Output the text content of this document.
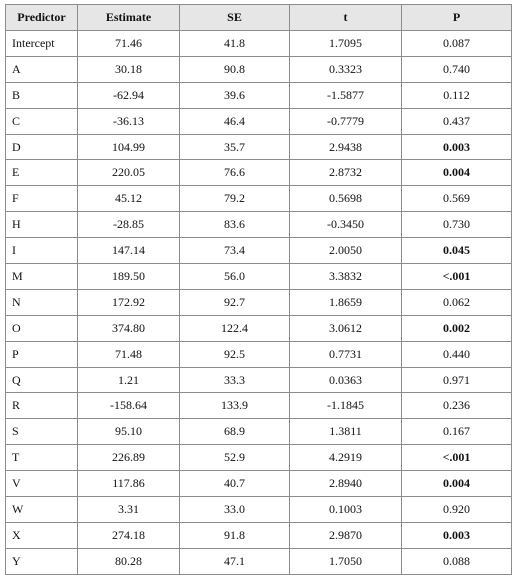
Predictor	Estimate	SE	t	P
Intercept	71.46	41.8	1.7095	0.087
A	30.18	90.8	0.3323	0.740
B	-62.94	39.6	-1.5877	0.112
C	-36.13	46.4	-0.7779	0.437
D	104.99	35.7	2.9438	0.003
E	220.05	76.6	2.8732	0.004
F	45.12	79.2	0.5698	0.569
H	-28.85	83.6	-0.3450	0.730
I	147.14	73.4	2.0050	0.045
M	189.50	56.0	3.3832	<.001
N	172.92	92.7	1.8659	0.062
O	374.80	122.4	3.0612	0.002
P	71.48	92.5	0.7731	0.440
Q	1.21	33.3	0.0363	0.971
R	-158.64	133.9	-1.1845	0.236
S	95.10	68.9	1.3811	0.167
T	226.89	52.9	4.2919	<.001
V	117.86	40.7	2.8940	0.004
W	3.31	33.0	0.1003	0.920
X	274.18	91.8	2.9870	0.003
Y	80.28	47.1	1.7050	0.088
